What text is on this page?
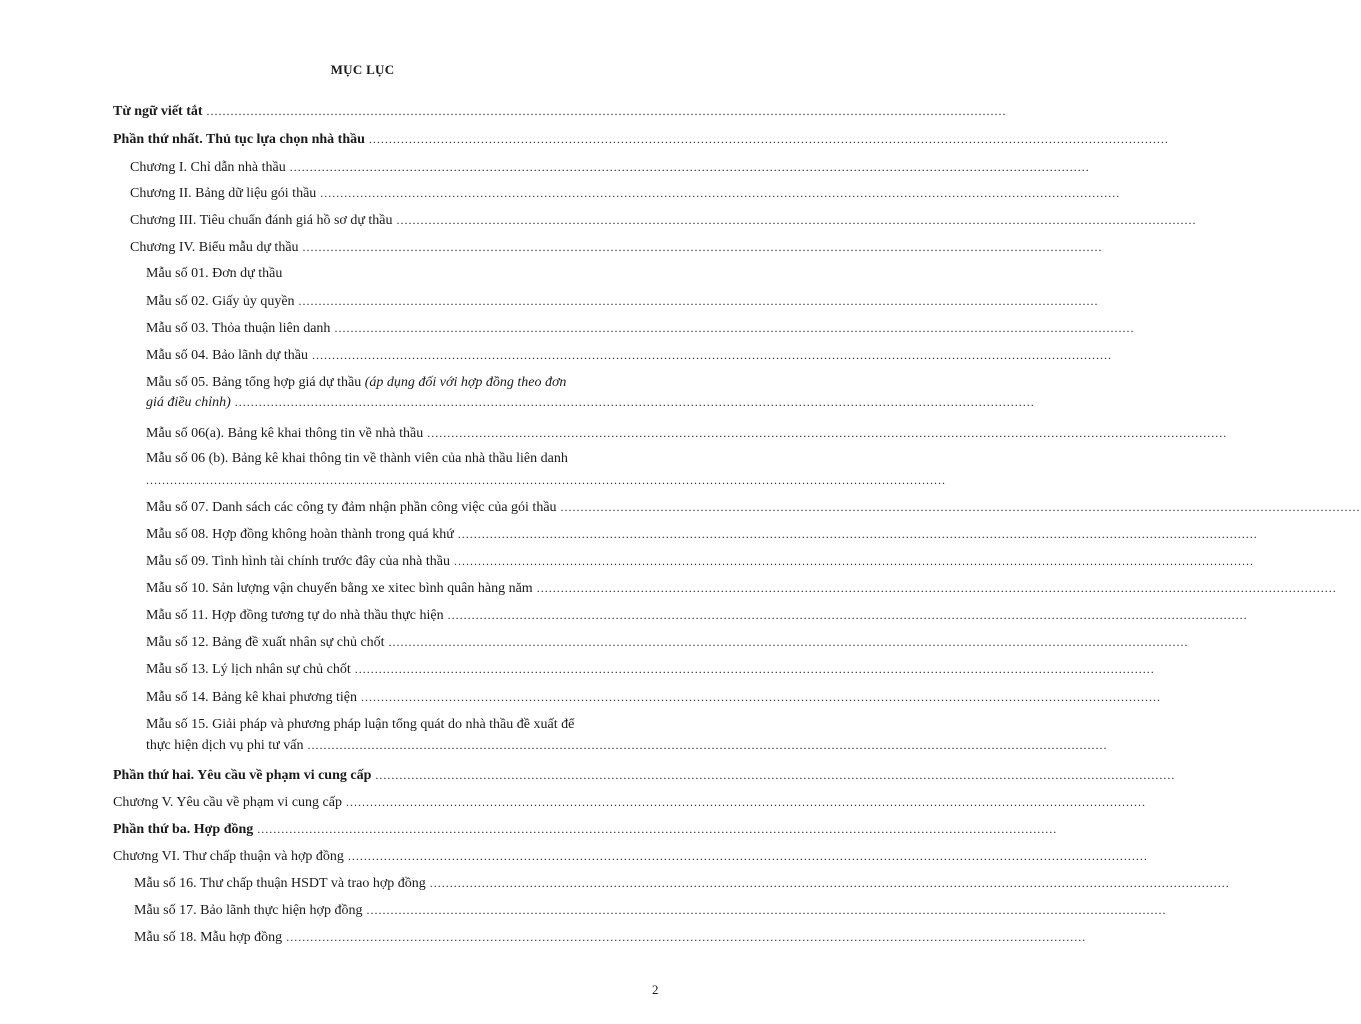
MỤC LỤC
Từ ngữ viết tắt ........................................................................................................................................................................................................
Phần thứ nhất. Thủ tục lựa chọn nhà thầu ........................................................................................................................................................................................................
Chương I. Chỉ dẫn nhà thầu ........................................................................................................................................................................................................
Chương II. Bảng dữ liệu gói thầu ........................................................................................................................................................................................................
Chương III. Tiêu chuẩn đánh giá hồ sơ dự thầu ........................................................................................................................................................................................................
Chương IV. Biểu mẫu dự thầu ........................................................................................................................................................................................................
Mẫu số 01. Đơn dự thầu
Mẫu số 02. Giấy ủy quyền ........................................................................................................................................................................................................
Mẫu số 03. Thỏa thuận liên danh ........................................................................................................................................................................................................
Mẫu số 04. Bảo lãnh dự thầu ........................................................................................................................................................................................................
Mẫu số 05. Bảng tổng hợp giá dự thầu (áp dụng đối với hợp đồng theo đơn
giá điều chỉnh) ........................................................................................................................................................................................................
Mẫu số 06(a). Bảng kê khai thông tin về nhà thầu ........................................................................................................................................................................................................
Mẫu số 06 (b). Bảng kê khai thông tin về thành viên của nhà thầu liên danh
........................................................................................................................................................................................................
Mẫu số 07. Danh sách các công ty đảm nhận phần công việc của gói thầu ........................................................................................................................................................................................................
Mẫu số 08. Hợp đồng không hoàn thành trong quá khứ ........................................................................................................................................................................................................
Mẫu số 09. Tình hình tài chính trước đây của nhà thầu ........................................................................................................................................................................................................
Mẫu số 10. Sản lượng vận chuyển bằng xe xitec bình quân hàng năm ........................................................................................................................................................................................................
Mẫu số 11. Hợp đồng tương tự do nhà thầu thực hiện ........................................................................................................................................................................................................
Mẫu số 12. Bảng đề xuất nhân sự chủ chốt ........................................................................................................................................................................................................
Mẫu số 13. Lý lịch nhân sự chủ chốt ........................................................................................................................................................................................................
Mẫu số 14. Bảng kê khai phương tiện ........................................................................................................................................................................................................
Mẫu số 15. Giải pháp và phương pháp luận tổng quát do nhà thầu đề xuất để
thực hiện dịch vụ phi tư vấn ........................................................................................................................................................................................................
Phần thứ hai. Yêu cầu về phạm vi cung cấp ........................................................................................................................................................................................................
Chương V. Yêu cầu về phạm vi cung cấp ........................................................................................................................................................................................................
Phần thứ ba. Hợp đồng ........................................................................................................................................................................................................
Chương VI. Thư chấp thuận và hợp đồng ........................................................................................................................................................................................................
Mẫu số 16. Thư chấp thuận HSDT và trao hợp đồng ........................................................................................................................................................................................................
Mẫu số 17. Bảo lãnh thực hiện hợp đồng ........................................................................................................................................................................................................
Mẫu số 18. Mẫu hợp đồng ........................................................................................................................................................................................................
2
